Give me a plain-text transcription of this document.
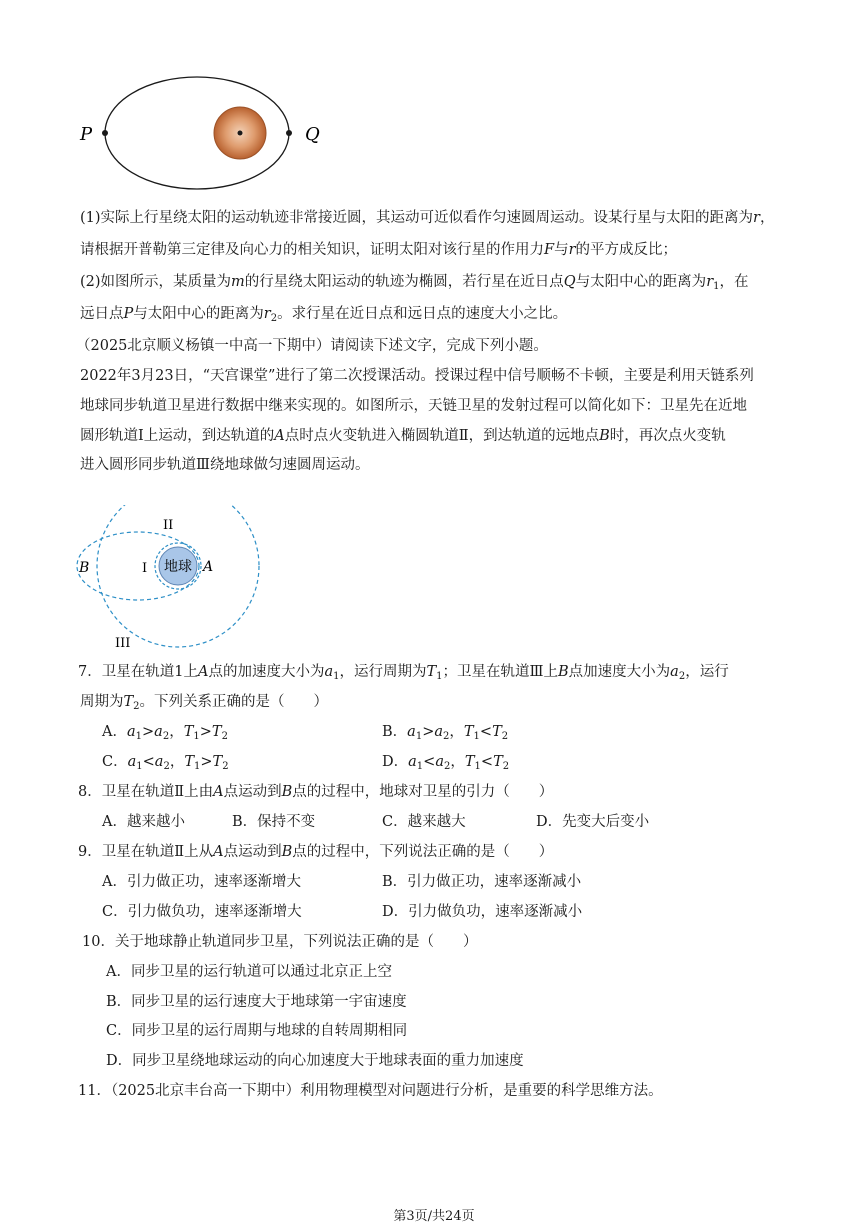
P	Q
(1)实际上行星绕太阳的运动轨迹非常接近圆，其运动可近似看作匀速圆周运动。设某行星与太阳的距离为r，
请根据开普勒第三定律及向心力的相关知识，证明太阳对该行星的作用力F与r的平方成反比；
(2)如图所示，某质量为m的行星绕太阳运动的轨迹为椭圆，若行星在近日点Q与太阳中心的距离为$r_1$，在
远日点P与太阳中心的距离为$r_2$。求行星在近日点和远日点的速度大小之比。
（2025北京顺义杨镇一中高一下期中）请阅读下述文字，完成下列小题。
2022年3月23日，“天宫课堂”进行了第二次授课活动。授课过程中信号顺畅不卡顿，主要是利用天链系列
地球同步轨道卫星进行数据中继来实现的。如图所示，天链卫星的发射过程可以简化如下：卫星先在近地
圆形轨道Ⅰ上运动，到达轨道的A点时点火变轨进入椭圆轨道Ⅱ，到达轨道的远地点B时，再次点火变轨
进入圆形同步轨道Ⅲ绕地球做匀速圆周运动。
地球
II
I
B	A
III
7．卫星在轨道1上A点的加速度大小为$a_1$，运行周期为$T_1$；卫星在轨道Ⅲ上B点加速度大小为$a_2$，运行
周期为$T_2$。下列关系正确的是（　　）
A．$a_1>a_2$，$T_1>T_2$	B．$a_1>a_2$，$T_1<T_2$
C．$a_1<a_2$，$T_1>T_2$	D．$a_1<a_2$，$T_1<T_2$
8．卫星在轨道Ⅱ上由A点运动到B点的过程中，地球对卫星的引力（　　）
A．越来越小	B．保持不变	C．越来越大	D．先变大后变小
9．卫星在轨道Ⅱ上从A点运动到B点的过程中，下列说法正确的是（　　）
A．引力做正功，速率逐渐增大	B．引力做正功，速率逐渐减小
C．引力做负功，速率逐渐增大	D．引力做负功，速率逐渐减小
10．关于地球静止轨道同步卫星，下列说法正确的是（　　）
A．同步卫星的运行轨道可以通过北京正上空
B．同步卫星的运行速度大于地球第一宇宙速度
C．同步卫星的运行周期与地球的自转周期相同
D．同步卫星绕地球运动的向心加速度大于地球表面的重力加速度
11．（2025北京丰台高一下期中）利用物理模型对问题进行分析，是重要的科学思维方法。
第3页/共24页
